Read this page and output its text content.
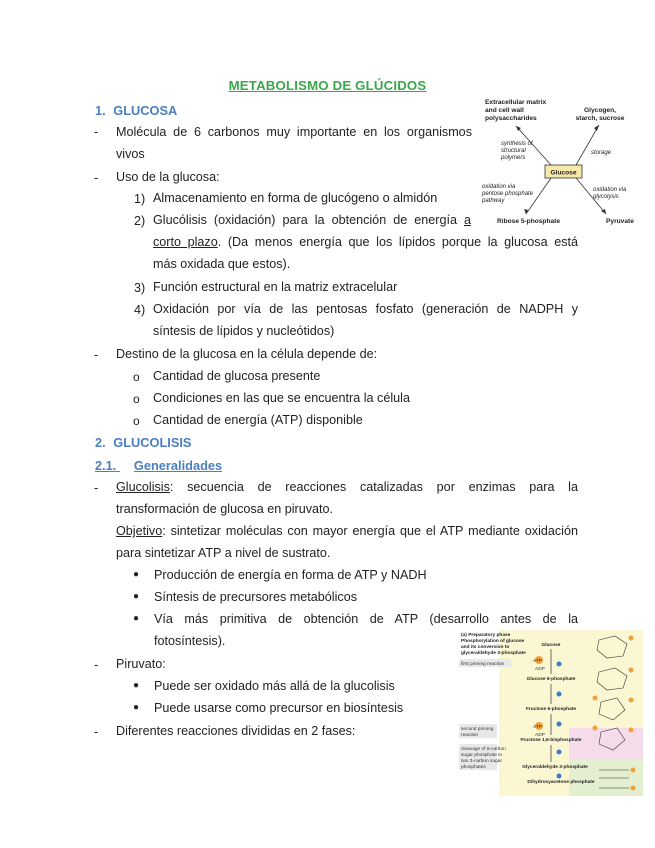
METABOLISMO DE GLÚCIDOS
1. GLUCOSA
- Molécula de 6 carbonos muy importante en los organismos
vivos
- Uso de la glucosa:
1) Almacenamiento en forma de glucógeno o almidón
2) Glucólisis (oxidación) para la obtención de energía a
corto plazo. (Da menos energía que los lípidos porque la glucosa está
más oxidada que estos).
3) Función estructural en la matriz extracelular
4) Oxidación por vía de las pentosas fosfato (generación de NADPH y
síntesis de lípidos y nucleótidos)
- Destino de la glucosa en la célula depende de:
o Cantidad de glucosa presente
o Condiciones en las que se encuentra la célula
o Cantidad de energía (ATP) disponible
2. GLUCOLISIS
2.1. Generalidades
- Glucolisis: secuencia de reacciones catalizadas por enzimas para la
transformación de glucosa en piruvato.
Objetivo: sintetizar moléculas con mayor energía que el ATP mediante oxidación
para sintetizar ATP a nivel de sustrato.
● Producción de energía en forma de ATP y NADH
● Síntesis de precursores metabólicos
● Vía más primitiva de obtención de ATP (desarrollo antes de la
fotosíntesis).
- Piruvato:
● Puede ser oxidado más allá de la glucolisis
● Puede usarse como precursor en biosíntesis
- Diferentes reacciones divididas en 2 fases:
Extracellular matrix
and cell wall
polysaccharides
Glycogen,
starch, sucrose
Ribose 5-phosphate	Pyruvate
synthesis of
structural
polymers
storage
oxidation via
pentose phosphate
pathway
oxidation via
glycolysis
Glucose
(a) Preparatory phase
Phosphorylation of glucose
and its conversion to
glyceraldehyde 3-phosphate
first priming reaction
second priming
reaction
cleavage of 6-carbon
sugar phosphate to
two 3-carbon sugar
phosphates
Glucose
Glucose 6-phosphate
Fructose 6-phosphate
Fructose 1,6-bisphosphate
Glyceraldehyde 3-phosphate
Dihydroxyacetone phosphate
ATP
ATP
ADP
ADP
